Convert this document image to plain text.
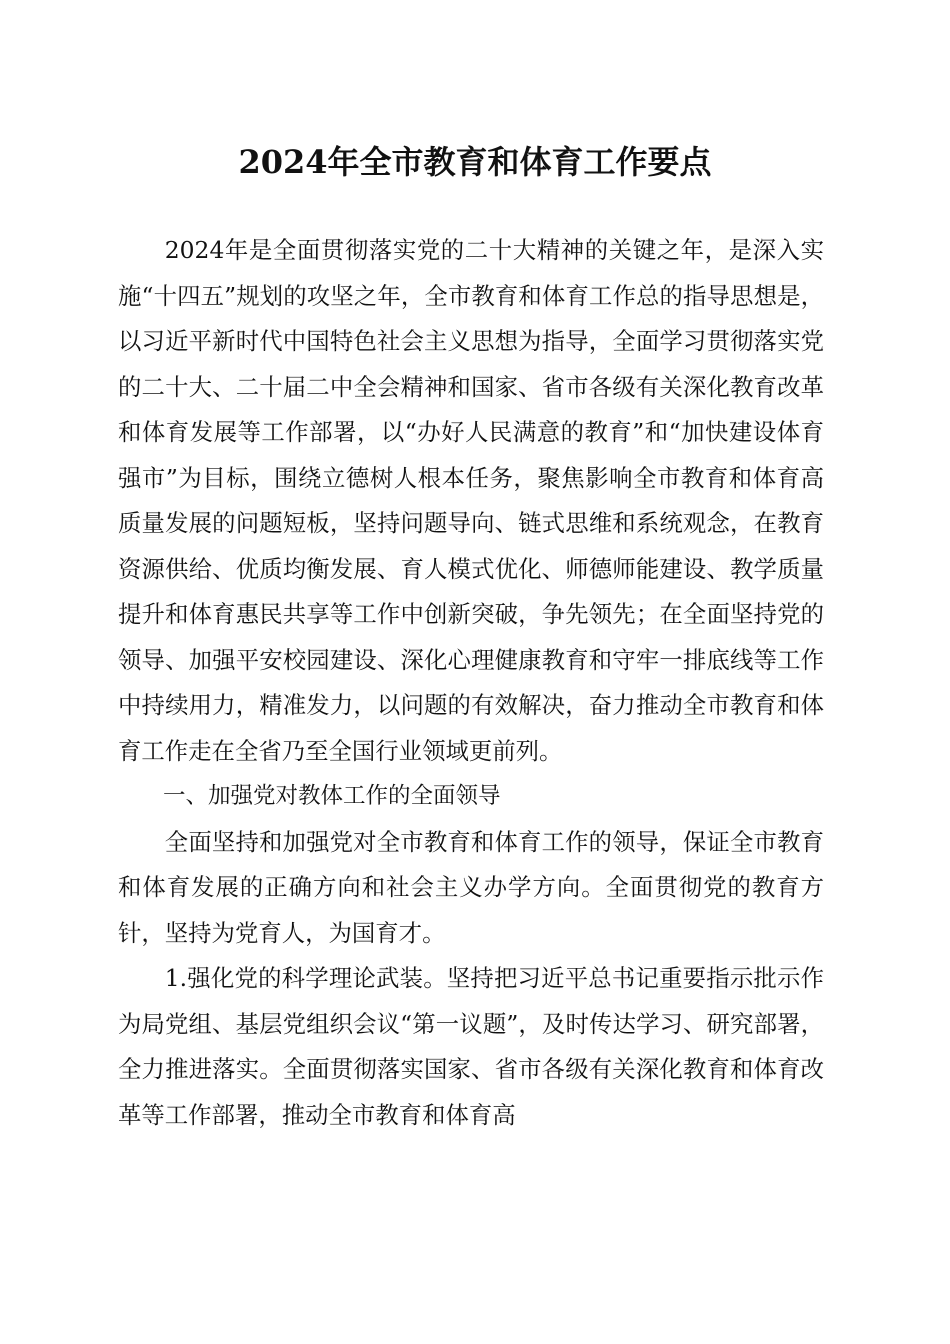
2024年全市教育和体育工作要点

2024年是全面贯彻落实党的二十大精神的关键之年，是深入实施“十四五”规划的攻坚之年，全市教育和体育工作总的指导思想是，以习近平新时代中国特色社会主义思想为指导，全面学习贯彻落实党的二十大、二十届二中全会精神和国家、省市各级有关深化教育改革和体育发展等工作部署，以“办好人民满意的教育”和“加快建设体育强市”为目标，围绕立德树人根本任务，聚焦影响全市教育和体育高质量发展的问题短板，坚持问题导向、链式思维和系统观念，在教育资源供给、优质均衡发展、育人模式优化、师德师能建设、教学质量提升和体育惠民共享等工作中创新突破，争先领先；在全面坚持党的领导、加强平安校园建设、深化心理健康教育和守牢一排底线等工作中持续用力，精准发力，以问题的有效解决，奋力推动全市教育和体育工作走在全省乃至全国行业领域更前列。

一、加强党对教体工作的全面领导

全面坚持和加强党对全市教育和体育工作的领导，保证全市教育和体育发展的正确方向和社会主义办学方向。全面贯彻党的教育方针，坚持为党育人，为国育才。

1.强化党的科学理论武装。坚持把习近平总书记重要指示批示作为局党组、基层党组织会议“第一议题”，及时传达学习、研究部署，全力推进落实。全面贯彻落实国家、省市各级有关深化教育和体育改革等工作部署，推动全市教育和体育高
